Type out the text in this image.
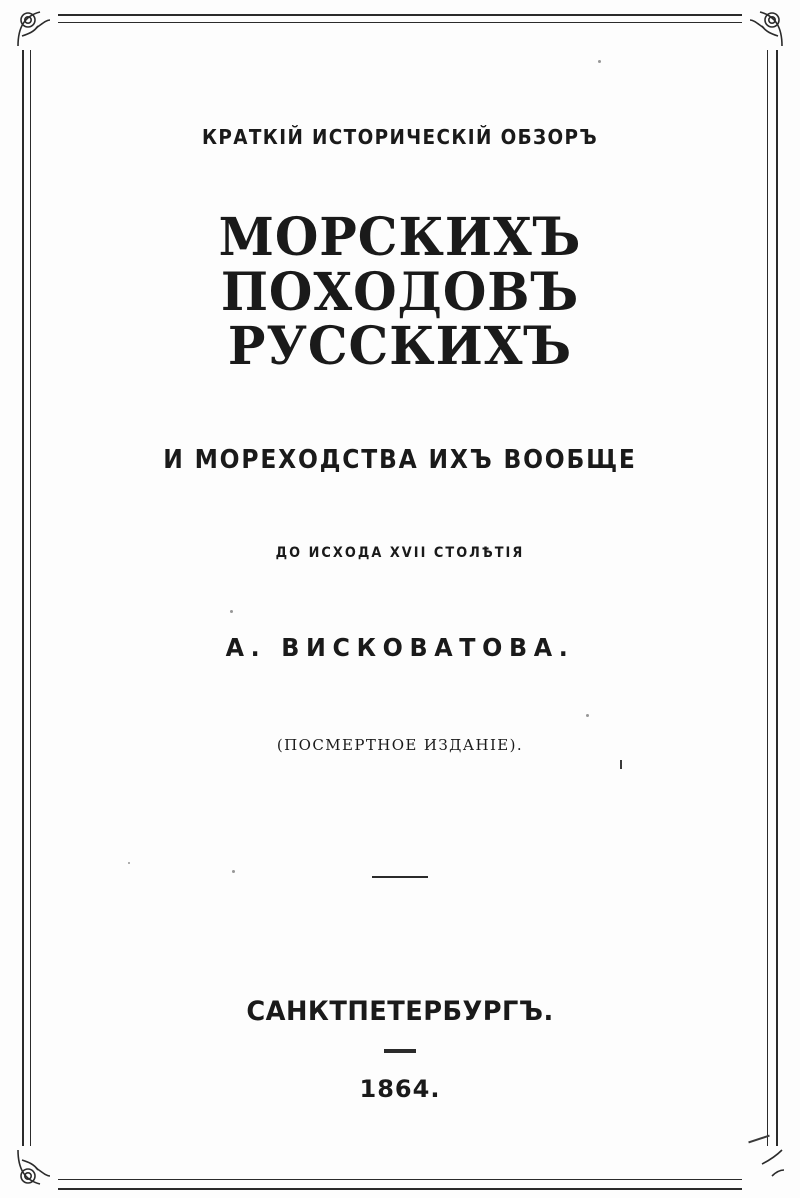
КРАТКІЙ ИСТОРИЧЕСКІЙ ОБЗОРЪ
МОРСКИХЪ ПОХОДОВЪ РУССКИХЪ
И МОРЕХОДСТВА ИХЪ ВООБЩЕ
ДО ИСХОДА XVII СТОЛѢТІЯ
А. ВИСКОВАТОВА.
(ПОСМЕРТНОЕ ИЗДАНІЕ).
САНКТПЕТЕРБУРГЪ.
1864.
